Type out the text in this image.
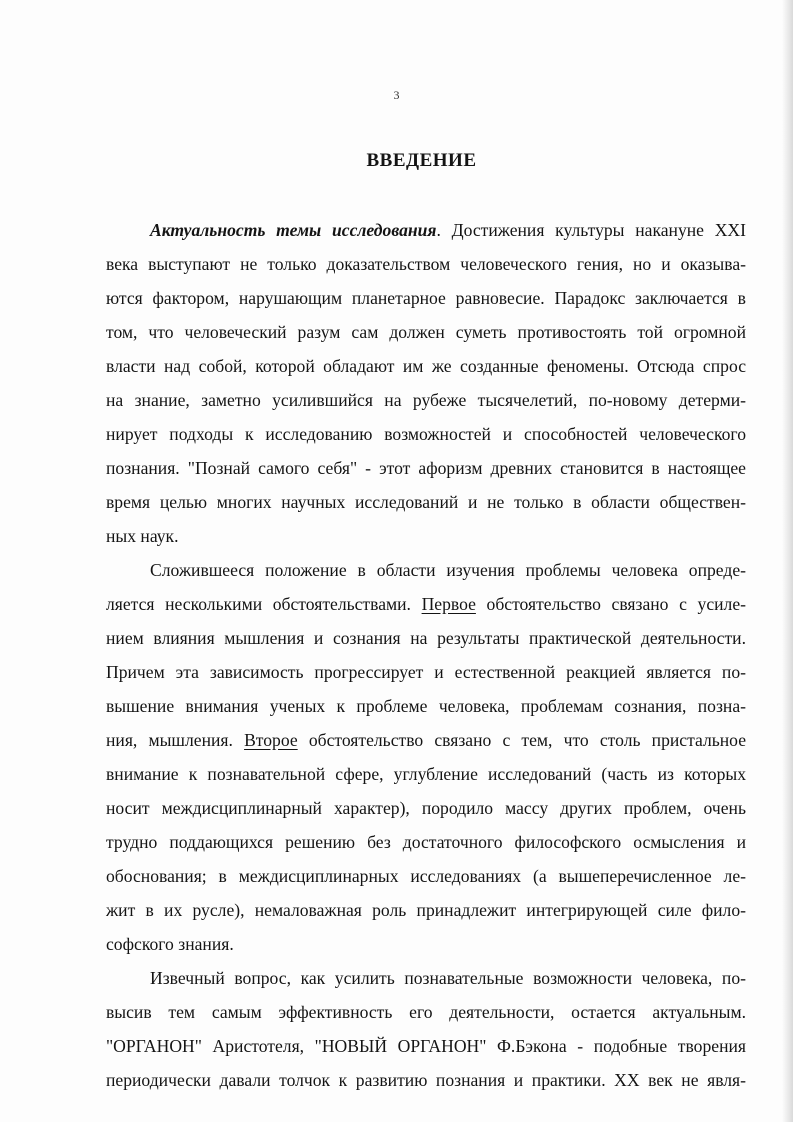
3
ВВЕДЕНИЕ
Актуальность темы исследования. Достижения культуры накануне XXI
века выступают не только доказательством человеческого гения, но и оказыва-
ются фактором, нарушающим планетарное равновесие. Парадокс заключается в
том, что человеческий разум сам должен суметь противостоять той огромной
власти над собой, которой обладают им же созданные феномены. Отсюда спрос
на знание, заметно усилившийся на рубеже тысячелетий, по-новому детерми-
нирует подходы к исследованию возможностей и способностей человеческого
познания. "Познай самого себя" - этот афоризм древних становится в настоящее
время целью многих научных исследований и не только в области обществен-
ных наук.
Сложившееся положение в области изучения проблемы человека опреде-
ляется несколькими обстоятельствами. Первое обстоятельство связано с усиле-
нием влияния мышления и сознания на результаты практической деятельности.
Причем эта зависимость прогрессирует и естественной реакцией является по-
вышение внимания ученых к проблеме человека, проблемам сознания, позна-
ния, мышления. Второе обстоятельство связано с тем, что столь пристальное
внимание к познавательной сфере, углубление исследований (часть из которых
носит междисциплинарный характер), породило массу других проблем, очень
трудно поддающихся решению без достаточного философского осмысления и
обоснования; в междисциплинарных исследованиях (а вышеперечисленное ле-
жит в их русле), немаловажная роль принадлежит интегрирующей силе фило-
софского знания.
Извечный вопрос, как усилить познавательные возможности человека, по-
высив тем самым эффективность его деятельности, остается актуальным.
"ОРГАНОН" Аристотеля, "НОВЫЙ ОРГАНОН" Ф.Бэкона - подобные творения
периодически давали толчок к развитию познания и практики. XX век не явля-
